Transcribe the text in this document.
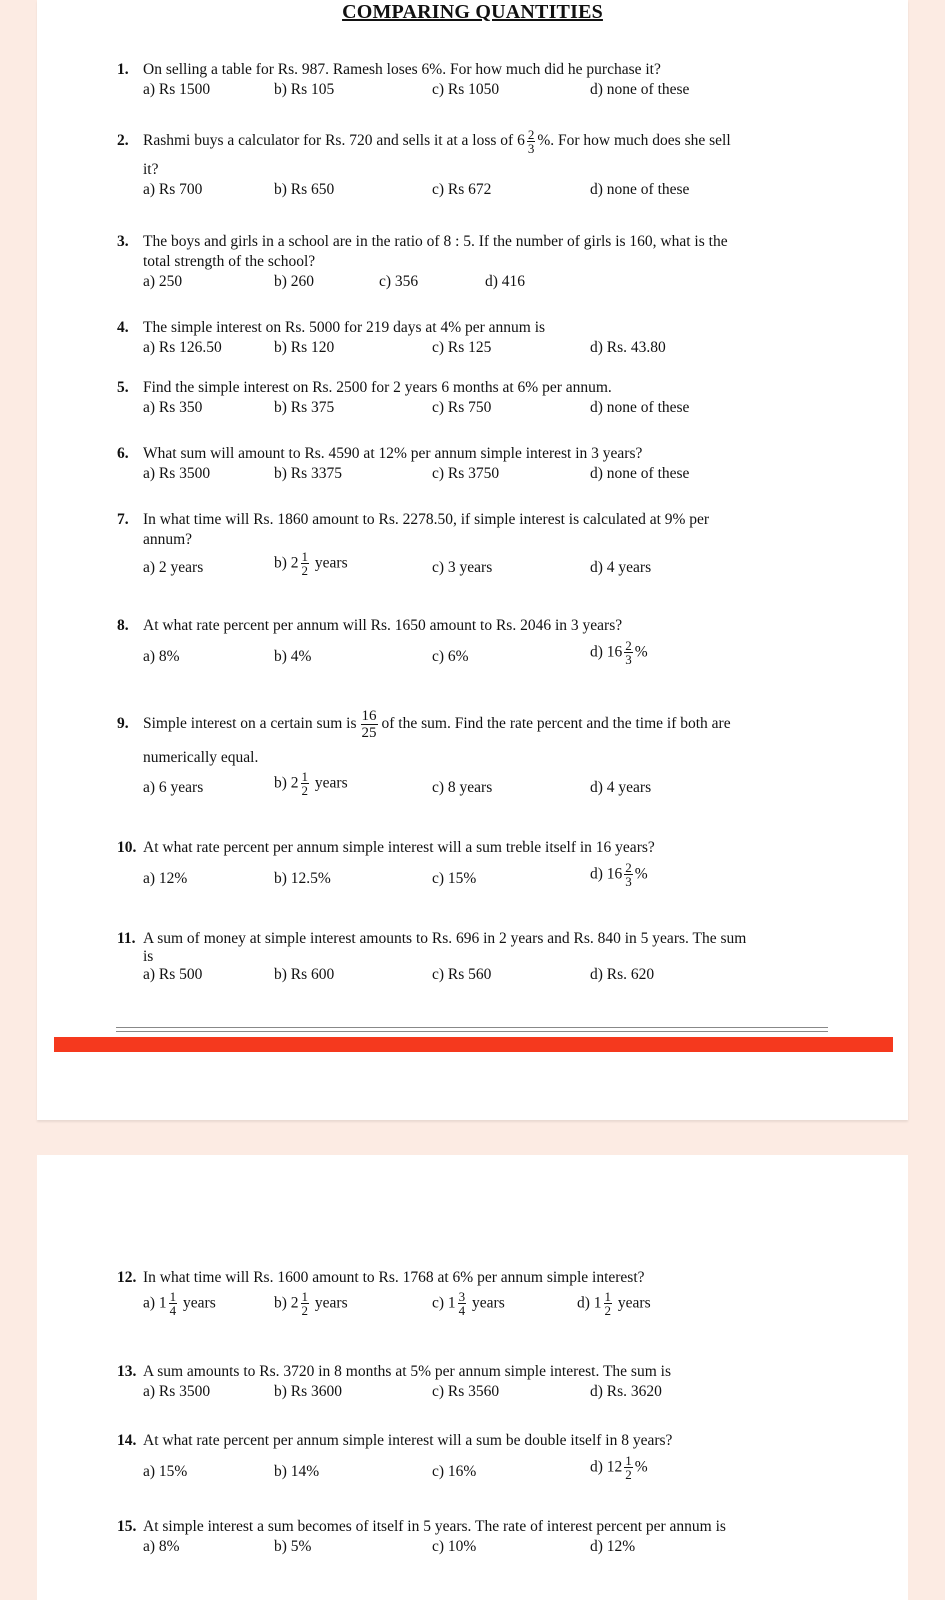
COMPARING QUANTITIES
1. On selling a table for Rs. 987. Ramesh loses 6%. For how much did he purchase it?
a) Rs 1500	b) Rs 105	c) Rs 1050	d) none of these
2. Rashmi buys a calculator for Rs. 720 and sells it at a loss of $6 \frac{2}{3}$ %. For how much does she sell
it?
a) Rs 700	b) Rs 650	c) Rs 672	d) none of these
3. The boys and girls in a school are in the ratio of 8 : 5. If the number of girls is 160, what is the
total strength of the school?
a) 250	b) 260	c) 356	d) 416
4. The simple interest on Rs. 5000 for 219 days at 4% per annum is
a) Rs 126.50	b) Rs 120	c) Rs 125	d) Rs. 43.80
5. Find the simple interest on Rs. 2500 for 2 years 6 months at 6% per annum.
a) Rs 350	b) Rs 375	c) Rs 750	d) none of these
6. What sum will amount to Rs. 4590 at 12% per annum simple interest in 3 years?
a) Rs 3500	b) Rs 3375	c) Rs 3750	d) none of these
7. In what time will Rs. 1860 amount to Rs. 2278.50, if simple interest is calculated at 9% per
annum?
a) 2 years	b) $2 \frac{1}{2}$ years	c) 3 years	d) 4 years
8. At what rate percent per annum will Rs. 1650 amount to Rs. 2046 in 3 years?
a) 8%	b) 4%	c) 6%	d) $16 \frac{2}{3}$ %
9. Simple interest on a certain sum is $\frac{16}{25}$ of the sum. Find the rate percent and the time if both are
numerically equal.
a) 6 years	b) $2 \frac{1}{2}$ years	c) 8 years	d) 4 years
10. At what rate percent per annum simple interest will a sum treble itself in 16 years?
a) 12%	b) 12.5%	c) 15%	d) $16 \frac{2}{3}$ %
11. A sum of money at simple interest amounts to Rs. 696 in 2 years and Rs. 840 in 5 years. The sum
is
a) Rs 500	b) Rs 600	c) Rs 560	d) Rs. 620
12. In what time will Rs. 1600 amount to Rs. 1768 at 6% per annum simple interest?
a) $1 \frac{1}{4}$ years	b) $2 \frac{1}{2}$ years	c) $1 \frac{3}{4}$ years	d) $1 \frac{1}{2}$ years
13. A sum amounts to Rs. 3720 in 8 months at 5% per annum simple interest. The sum is
a) Rs 3500	b) Rs 3600	c) Rs 3560	d) Rs. 3620
14. At what rate percent per annum simple interest will a sum be double itself in 8 years?
a) 15%	b) 14%	c) 16%	d) $12 \frac{1}{2}$ %
15. At simple interest a sum becomes of itself in 5 years. The rate of interest percent per annum is
a) 8%	b) 5%	c) 10%	d) 12%
